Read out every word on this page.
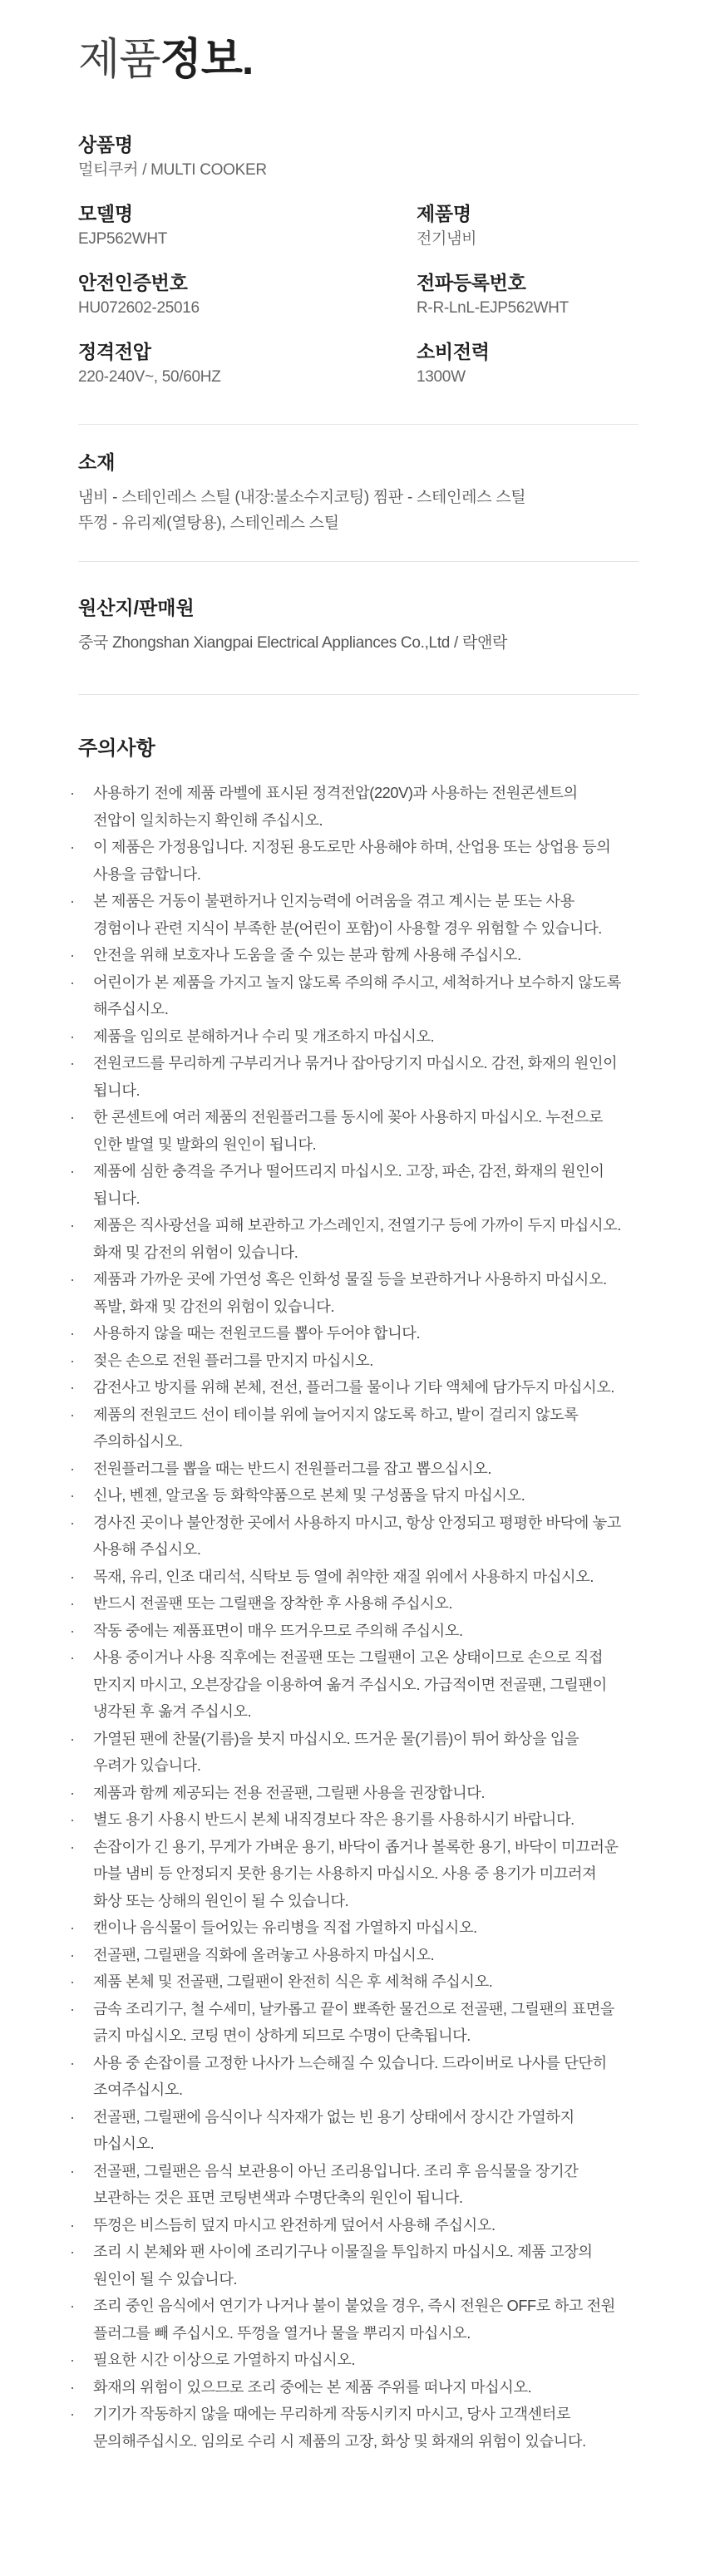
제품정보.
상품명
멀티쿠커 / MULTI COOKER
모델명
EJP562WHT
제품명
전기냄비
안전인증번호
HU072602-25016
전파등록번호
R-R-LnL-EJP562WHT
정격전압
220-240V~, 50/60HZ
소비전력
1300W
소재
냄비 - 스테인레스 스틸 (내장:불소수지코팅) 찜판 - 스테인레스 스틸
뚜껑 - 유리제(열탕용), 스테인레스 스틸
원산지/판매원
중국 Zhongshan Xiangpai Electrical Appliances Co.,Ltd / 락앤락
주의사항
· 사용하기 전에 제품 라벨에 표시된 정격전압(220V)과 사용하는 전원콘센트의
전압이 일치하는지 확인해 주십시오.
· 이 제품은 가정용입니다. 지정된 용도로만 사용해야 하며, 산업용 또는 상업용 등의
사용을 금합니다.
· 본 제품은 거동이 불편하거나 인지능력에 어려움을 겪고 계시는 분 또는 사용
경험이나 관련 지식이 부족한 분(어린이 포함)이 사용할 경우 위험할 수 있습니다.
· 안전을 위해 보호자나 도움을 줄 수 있는 분과 함께 사용해 주십시오.
· 어린이가 본 제품을 가지고 놀지 않도록 주의해 주시고, 세척하거나 보수하지 않도록
해주십시오.
· 제품을 임의로 분해하거나 수리 및 개조하지 마십시오.
· 전원코드를 무리하게 구부리거나 묶거나 잡아당기지 마십시오. 감전, 화재의 원인이
됩니다.
· 한 콘센트에 여러 제품의 전원플러그를 동시에 꽂아 사용하지 마십시오. 누전으로
인한 발열 및 발화의 원인이 됩니다.
· 제품에 심한 충격을 주거나 떨어뜨리지 마십시오. 고장, 파손, 감전, 화재의 원인이
됩니다.
· 제품은 직사광선을 피해 보관하고 가스레인지, 전열기구 등에 가까이 두지 마십시오.
화재 및 감전의 위험이 있습니다.
· 제품과 가까운 곳에 가연성 혹은 인화성 물질 등을 보관하거나 사용하지 마십시오.
폭발, 화재 및 감전의 위험이 있습니다.
· 사용하지 않을 때는 전원코드를 뽑아 두어야 합니다.
· 젖은 손으로 전원 플러그를 만지지 마십시오.
· 감전사고 방지를 위해 본체, 전선, 플러그를 물이나 기타 액체에 담가두지 마십시오.
· 제품의 전원코드 선이 테이블 위에 늘어지지 않도록 하고, 발이 걸리지 않도록
주의하십시오.
· 전원플러그를 뽑을 때는 반드시 전원플러그를 잡고 뽑으십시오.
· 신나, 벤젠, 알코올 등 화학약품으로 본체 및 구성품을 닦지 마십시오.
· 경사진 곳이나 불안정한 곳에서 사용하지 마시고, 항상 안정되고 평평한 바닥에 놓고
사용해 주십시오.
· 목재, 유리, 인조 대리석, 식탁보 등 열에 취약한 재질 위에서 사용하지 마십시오.
· 반드시 전골팬 또는 그릴팬을 장착한 후 사용해 주십시오.
· 작동 중에는 제품표면이 매우 뜨거우므로 주의해 주십시오.
· 사용 중이거나 사용 직후에는 전골팬 또는 그릴팬이 고온 상태이므로 손으로 직접
만지지 마시고, 오븐장갑을 이용하여 옮겨 주십시오. 가급적이면 전골팬, 그릴팬이
냉각된 후 옮겨 주십시오.
· 가열된 팬에 찬물(기름)을 붓지 마십시오. 뜨거운 물(기름)이 튀어 화상을 입을
우려가 있습니다.
· 제품과 함께 제공되는 전용 전골팬, 그릴팬 사용을 권장합니다.
· 별도 용기 사용시 반드시 본체 내직경보다 작은 용기를 사용하시기 바랍니다.
· 손잡이가 긴 용기, 무게가 가벼운 용기, 바닥이 좁거나 볼록한 용기, 바닥이 미끄러운
마블 냄비 등 안정되지 못한 용기는 사용하지 마십시오. 사용 중 용기가 미끄러져
화상 또는 상해의 원인이 될 수 있습니다.
· 캔이나 음식물이 들어있는 유리병을 직접 가열하지 마십시오.
· 전골팬, 그릴팬을 직화에 올려놓고 사용하지 마십시오.
· 제품 본체 및 전골팬, 그릴팬이 완전히 식은 후 세척해 주십시오.
· 금속 조리기구, 철 수세미, 날카롭고 끝이 뾰족한 물건으로 전골팬, 그릴팬의 표면을
긁지 마십시오. 코팅 면이 상하게 되므로 수명이 단축됩니다.
· 사용 중 손잡이를 고정한 나사가 느슨해질 수 있습니다. 드라이버로 나사를 단단히
조여주십시오.
· 전골팬, 그릴팬에 음식이나 식자재가 없는 빈 용기 상태에서 장시간 가열하지
마십시오.
· 전골팬, 그릴팬은 음식 보관용이 아닌 조리용입니다. 조리 후 음식물을 장기간
보관하는 것은 표면 코팅변색과 수명단축의 원인이 됩니다.
· 뚜껑은 비스듬히 덮지 마시고 완전하게 덮어서 사용해 주십시오.
· 조리 시 본체와 팬 사이에 조리기구나 이물질을 투입하지 마십시오. 제품 고장의
원인이 될 수 있습니다.
· 조리 중인 음식에서 연기가 나거나 불이 붙었을 경우, 즉시 전원은 OFF로 하고 전원
플러그를 빼 주십시오. 뚜껑을 열거나 물을 뿌리지 마십시오.
· 필요한 시간 이상으로 가열하지 마십시오.
· 화재의 위험이 있으므로 조리 중에는 본 제품 주위를 떠나지 마십시오.
· 기기가 작동하지 않을 때에는 무리하게 작동시키지 마시고, 당사 고객센터로
문의해주십시오. 임의로 수리 시 제품의 고장, 화상 및 화재의 위험이 있습니다.
